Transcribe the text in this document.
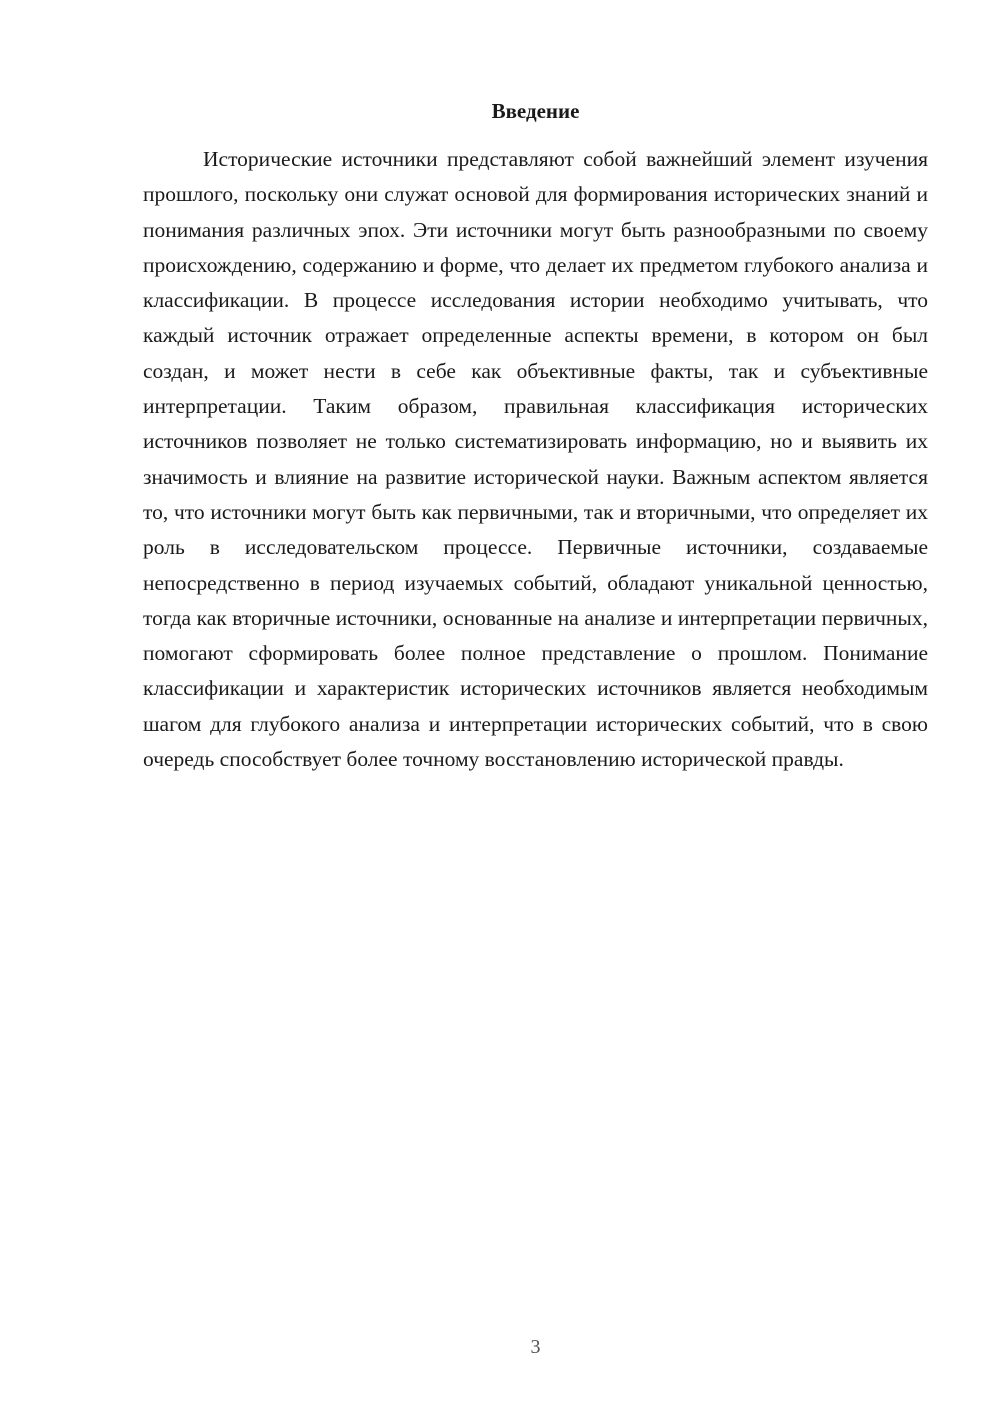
Введение

Исторические источники представляют собой важнейший элемент изучения прошлого, поскольку они служат основой для формирования исторических знаний и понимания различных эпох. Эти источники могут быть разнообразными по своему происхождению, содержанию и форме, что делает их предметом глубокого анализа и классификации. В процессе исследования истории необходимо учитывать, что каждый источник отражает определенные аспекты времени, в котором он был создан, и может нести в себе как объективные факты, так и субъективные интерпретации. Таким образом, правильная классификация исторических источников позволяет не только систематизировать информацию, но и выявить их значимость и влияние на развитие исторической науки. Важным аспектом является то, что источники могут быть как первичными, так и вторичными, что определяет их роль в исследовательском процессе. Первичные источники, создаваемые непосредственно в период изучаемых событий, обладают уникальной ценностью, тогда как вторичные источники, основанные на анализе и интерпретации первичных, помогают сформировать более полное представление о прошлом. Понимание классификации и характеристик исторических источников является необходимым шагом для глубокого анализа и интерпретации исторических событий, что в свою очередь способствует более точному восстановлению исторической правды.

3
